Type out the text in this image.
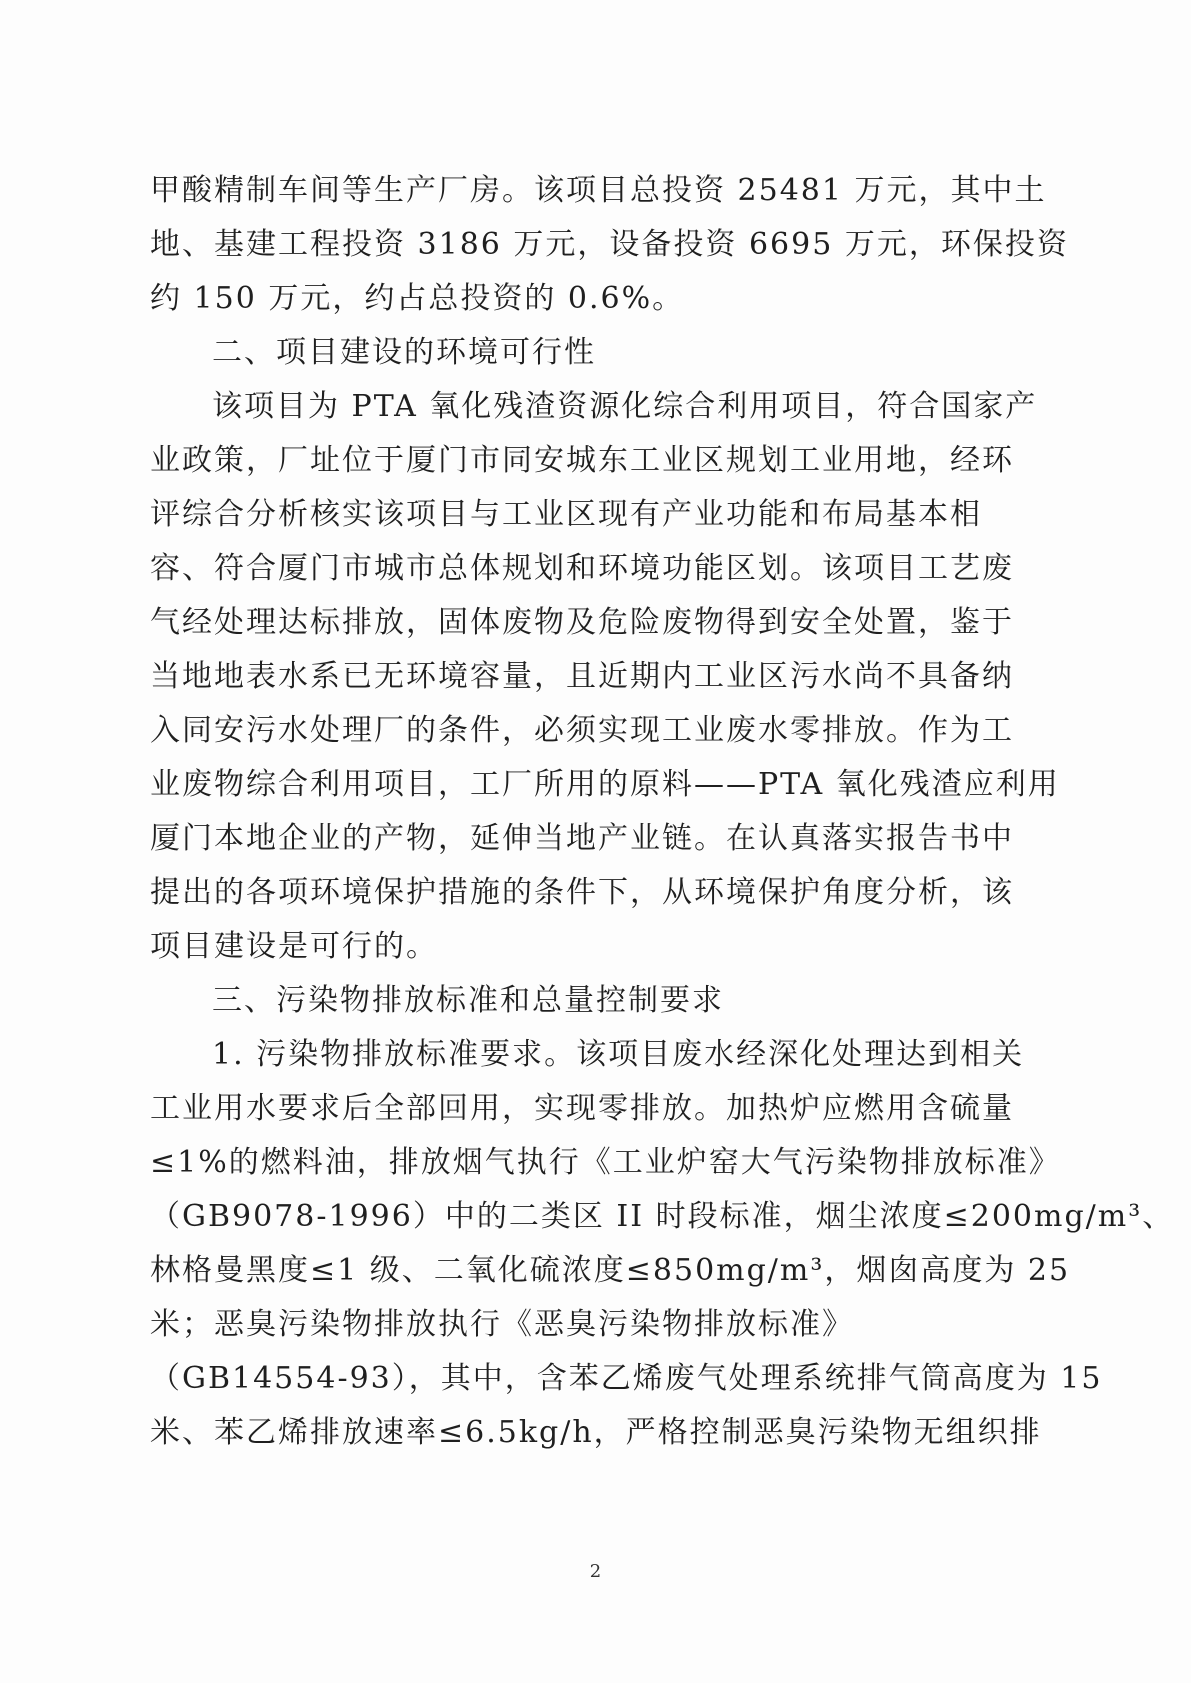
甲酸精制车间等生产厂房。该项目总投资 25481 万元，其中土
地、基建工程投资 3186 万元，设备投资 6695 万元，环保投资
约 150 万元，约占总投资的 0.6%。
二、项目建设的环境可行性
该项目为 PTA 氧化残渣资源化综合利用项目，符合国家产
业政策，厂址位于厦门市同安城东工业区规划工业用地，经环
评综合分析核实该项目与工业区现有产业功能和布局基本相
容、符合厦门市城市总体规划和环境功能区划。该项目工艺废
气经处理达标排放，固体废物及危险废物得到安全处置，鉴于
当地地表水系已无环境容量，且近期内工业区污水尚不具备纳
入同安污水处理厂的条件，必须实现工业废水零排放。作为工
业废物综合利用项目，工厂所用的原料——PTA 氧化残渣应利用
厦门本地企业的产物，延伸当地产业链。在认真落实报告书中
提出的各项环境保护措施的条件下，从环境保护角度分析，该
项目建设是可行的。
三、污染物排放标准和总量控制要求
1. 污染物排放标准要求。该项目废水经深化处理达到相关
工业用水要求后全部回用，实现零排放。加热炉应燃用含硫量
≤1%的燃料油，排放烟气执行《工业炉窑大气污染物排放标准》
（GB9078-1996）中的二类区 II 时段标准，烟尘浓度≤200mg/m³、
林格曼黑度≤1 级、二氧化硫浓度≤850mg/m³，烟囱高度为 25
米；恶臭污染物排放执行《恶臭污染物排放标准》
（GB14554-93），其中，含苯乙烯废气处理系统排气筒高度为 15
米、苯乙烯排放速率≤6.5kg/h，严格控制恶臭污染物无组织排
2
